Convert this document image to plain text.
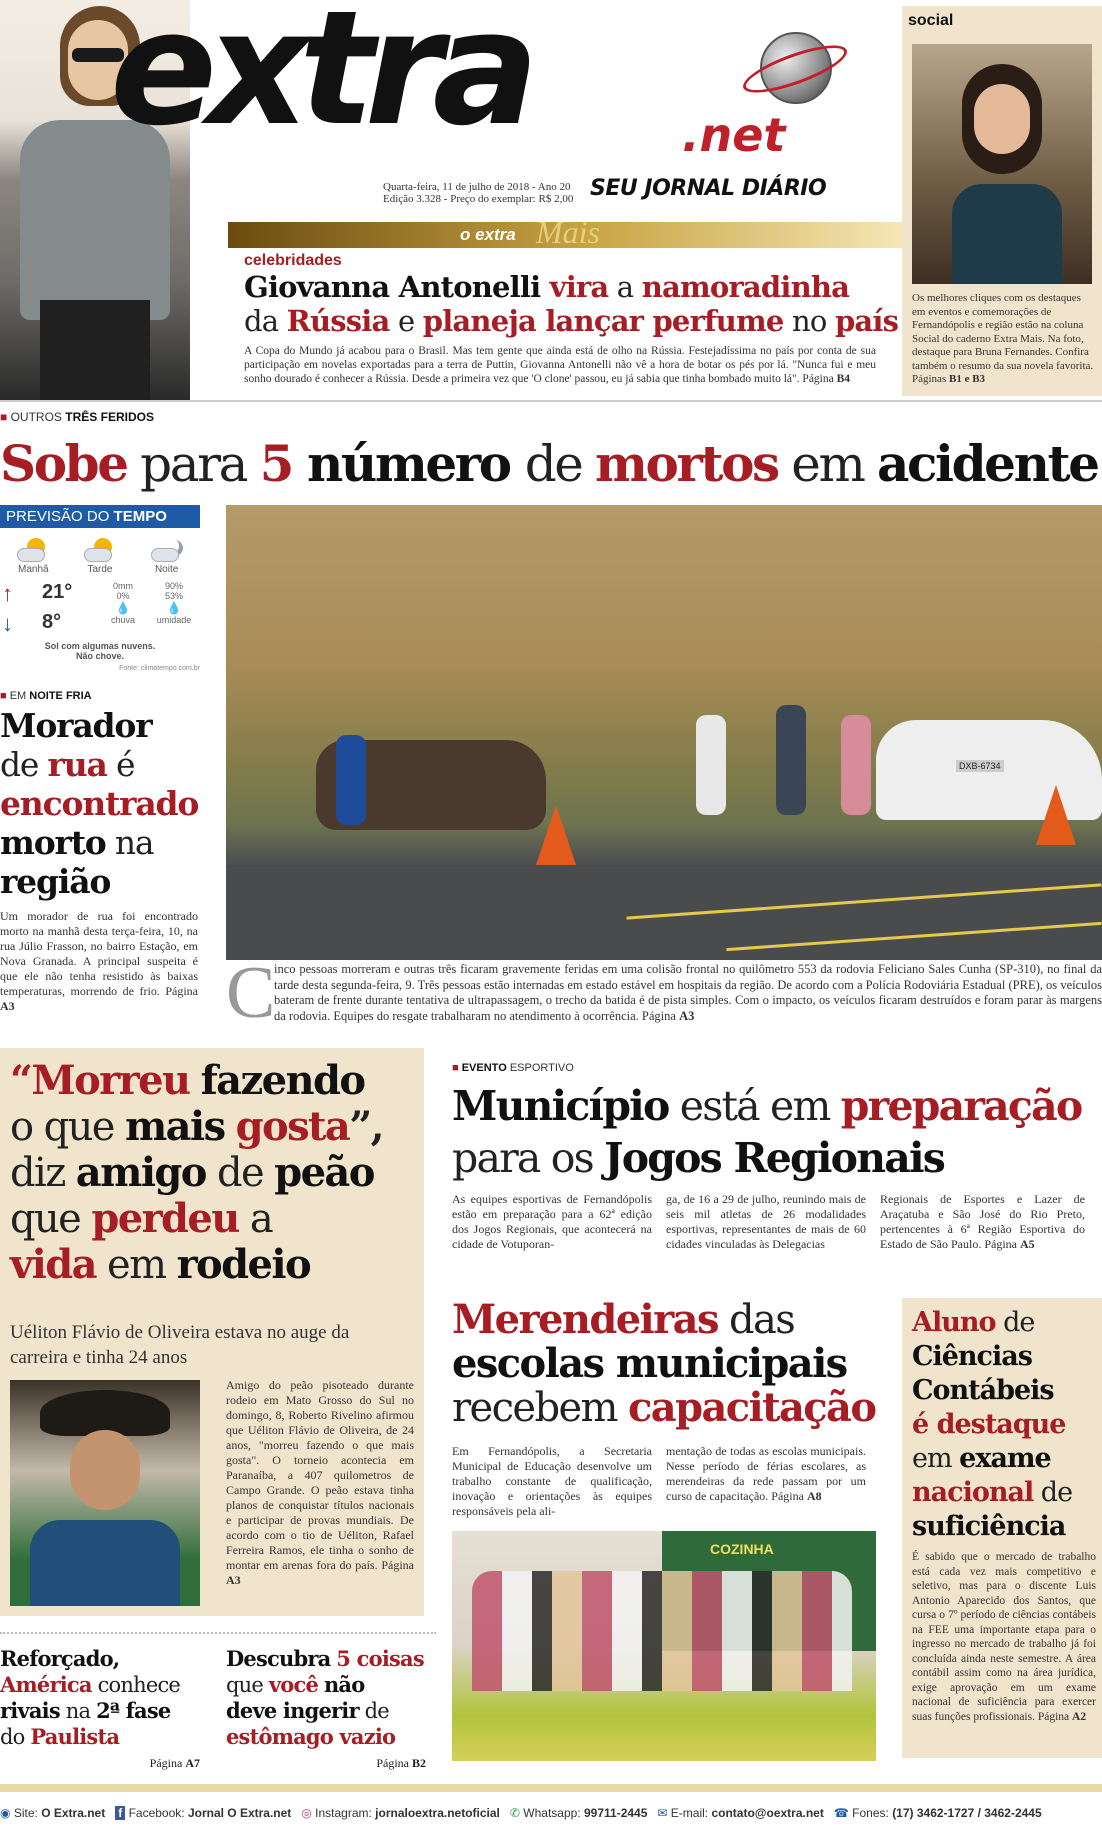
extra	.net
SEU JORNAL DIÁRIO
Quarta-feira, 11 de julho de 2018 - Ano 20
Edição 3.328 - Preço do exemplar: R$ 2,00
o extra Mais
celebridades
Giovanna Antonelli vira a namoradinha
da Rússia e planeja lançar perfume no país
A Copa do Mundo já acabou para o Brasil. Mas tem gente que ainda está de olho na Rússia. Festejadíssima no país por conta de sua participação em novelas exportadas para a terra de Puttin, Giovanna Antonelli não vê a hora de botar os pés por lá. "Nunca fui e meu sonho dourado é conhecer a Rússia. Desde a primeira vez que 'O clone' passou, eu já sabia que tinha bombado muito lá". Página B4
social
Os melhores cliques com os destaques em eventos e comemorações de Fernandópolis e região estão na coluna Social do caderno Extra Mais. Na foto, destaque para Bruna Fernandes. Confira também o resumo da sua novela favorita. Páginas B1 e B3
■ OUTROS TRÊS FERIDOS
Sobe para 5 número de mortos em acidente
PREVISÃO DO TEMPO
Manhã	Tarde	Noite
↑ 21°
↓ 8°
0mm
0%
💧
chuva
90%
53%
💧
umidade
Sol com algumas nuvens.
Não chove.
Fonte: climatempo.com.br
■ EM NOITE FRIA
Morador
de rua é
encontrado
morto na
região
Um morador de rua foi encontrado morto na manhã desta terça-feira, 10, na rua Júlio Frasson, no bairro Estação, em Nova Granada. A principal suspeita é que ele não tenha resistido às baixas temperaturas, morrendo de frio. Página A3
DXB-6734
C
inco pessoas morreram e outras três ficaram gravemente feridas em uma colisão frontal no quilômetro 553 da rodovia Feliciano Sales Cunha (SP-310), no final da tarde desta segunda-feira, 9. Três pessoas estão internadas em estado estável em hospitais da região. De acordo com a Polícia Rodoviária Estadual (PRE), os veículos bateram de frente durante tentativa de ultrapassagem, o trecho da batida é de pista simples. Com o impacto, os veículos ficaram destruídos e foram parar às margens da rodovia. Equipes do resgate trabalharam no atendimento à ocorrência. Página A3
“Morreu fazendo
o que mais gosta”,
diz amigo de peão
que perdeu a
vida em rodeio
Uéliton Flávio de Oliveira estava no auge da carreira e tinha 24 anos
Amigo do peão pisoteado durante rodeio em Mato Grosso do Sul no domingo, 8, Roberto Rivelino afirmou que Uéliton Flávio de Oliveira, de 24 anos, "morreu fazendo o que mais gosta". O torneio acontecia em Paranaíba, a 407 quilometros de Campo Grande. O peão estava tinha planos de conquistar títulos nacionais e participar de provas mundiais. De acordo com o tio de Uéliton, Rafael Ferreira Ramos, ele tinha o sonho de montar em arenas fora do país. Página A3
■ EVENTO ESPORTIVO
Município está em preparação
para os Jogos Regionais
As equipes esportivas de Fernandópolis estão em preparação para a 62ª edição dos Jogos Regionais, que acontecerá na cidade de Votuporan-
ga, de 16 a 29 de julho, reunindo mais de seis mil atletas de 26 modalidades esportivas, representantes de mais de 60 cidades vinculadas às Delegacias
Regionais de Esportes e Lazer de Araçatuba e São José do Rio Preto, pertencentes à 6ª Região Esportiva do Estado de São Paulo. Página A5
Merendeiras das
escolas municipais
recebem capacitação
Em Fernandópolis, a Secretaria Municipal de Educação desenvolve um trabalho constante de qualificação, inovação e orientações às equipes responsáveis pela ali-
mentação de todas as escolas municipais. Nesse período de férias escolares, as merendeiras da rede passam por um curso de capacitação. Página A8
COZINHA
Aluno de
Ciências
Contábeis
é destaque
em exame
nacional de
suficiência
É sabido que o mercado de trabalho está cada vez mais competitivo e seletivo, mas para o discente Luis Antonio Aparecido dos Santos, que cursa o 7º período de ciências contábeis na FEE uma importante etapa para o ingresso no mercado de trabalho já foi concluída ainda neste semestre. A área contábil assim como na área jurídica, exige aprovação em um exame nacional de suficiência para exercer suas funções profissionais. Página A2
Reforçado,
América conhece
rivais na 2ª fase
do Paulista
Página A7
Descubra 5 coisas
que você não
deve ingerir de
estômago vazio
Página B2
◉ Site: O Extra.net f Facebook: Jornal O Extra.net ◎ Instagram: jornaloextra.netoficial ✆ Whatsapp: 99711-2445 ✉ E-mail: contato@oextra.net ☎ Fones: (17) 3462-1727 / 3462-2445
